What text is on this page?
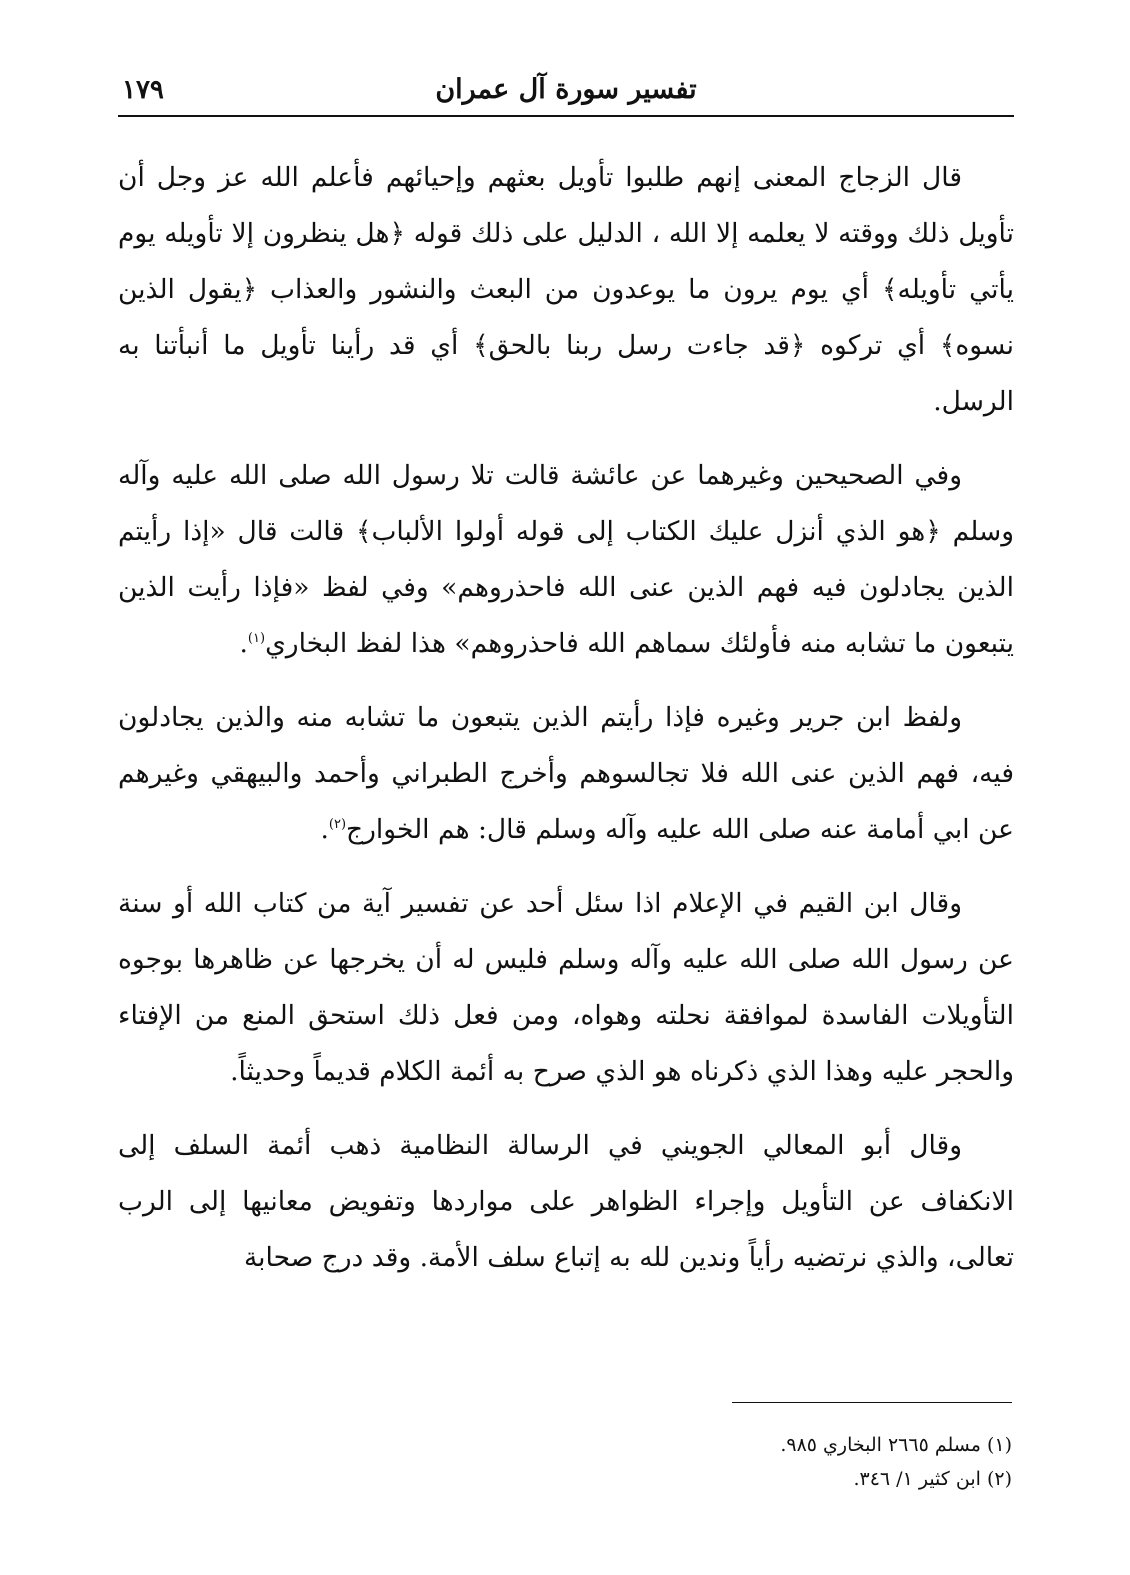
تفسير سورة آل عمران
١٧٩

قال الزجاج المعنى إنهم طلبوا تأويل بعثهم وإحيائهم فأعلم الله عز وجل أن تأويل ذلك ووقته لا يعلمه إلا الله ، الدليل على ذلك قوله ﴿هل ينظرون إلا تأويله يوم يأتي تأويله﴾ أي يوم يرون ما يوعدون من البعث والنشور والعذاب ﴿يقول الذين نسوه﴾ أي تركوه ﴿قد جاءت رسل ربنا بالحق﴾ أي قد رأينا تأويل ما أنبأتنا به الرسل.

وفي الصحيحين وغيرهما عن عائشة قالت تلا رسول الله صلى الله عليه وآله وسلم ﴿هو الذي أنزل عليك الكتاب إلى قوله أولوا الألباب﴾ قالت قال «إذا رأيتم الذين يجادلون فيه فهم الذين عنى الله فاحذروهم» وفي لفظ «فإذا رأيت الذين يتبعون ما تشابه منه فأولئك سماهم الله فاحذروهم» هذا لفظ البخاري$^{(١)}$.

ولفظ ابن جرير وغيره فإذا رأيتم الذين يتبعون ما تشابه منه والذين يجادلون فيه، فهم الذين عنى الله فلا تجالسوهم وأخرج الطبراني وأحمد والبيهقي وغيرهم عن ابي أمامة عنه صلى الله عليه وآله وسلم قال: هم الخوارج$^{(٢)}$.

وقال ابن القيم في الإعلام اذا سئل أحد عن تفسير آية من كتاب الله أو سنة عن رسول الله صلى الله عليه وآله وسلم فليس له أن يخرجها عن ظاهرها بوجوه التأويلات الفاسدة لموافقة نحلته وهواه، ومن فعل ذلك استحق المنع من الإفتاء والحجر عليه وهذا الذي ذكرناه هو الذي صرح به أئمة الكلام قديماً وحديثاً.

وقال أبو المعالي الجويني في الرسالة النظامية ذهب أئمة السلف إلى الانكفاف عن التأويل وإجراء الظواهر على مواردها وتفويض معانيها إلى الرب تعالى، والذي نرتضيه رأياً وندين لله به إتباع سلف الأمة. وقد درج صحابة

(١) مسلم ٢٦٦٥ البخاري ٩٨٥.
(٢) ابن كثير ١/ ٣٤٦.
